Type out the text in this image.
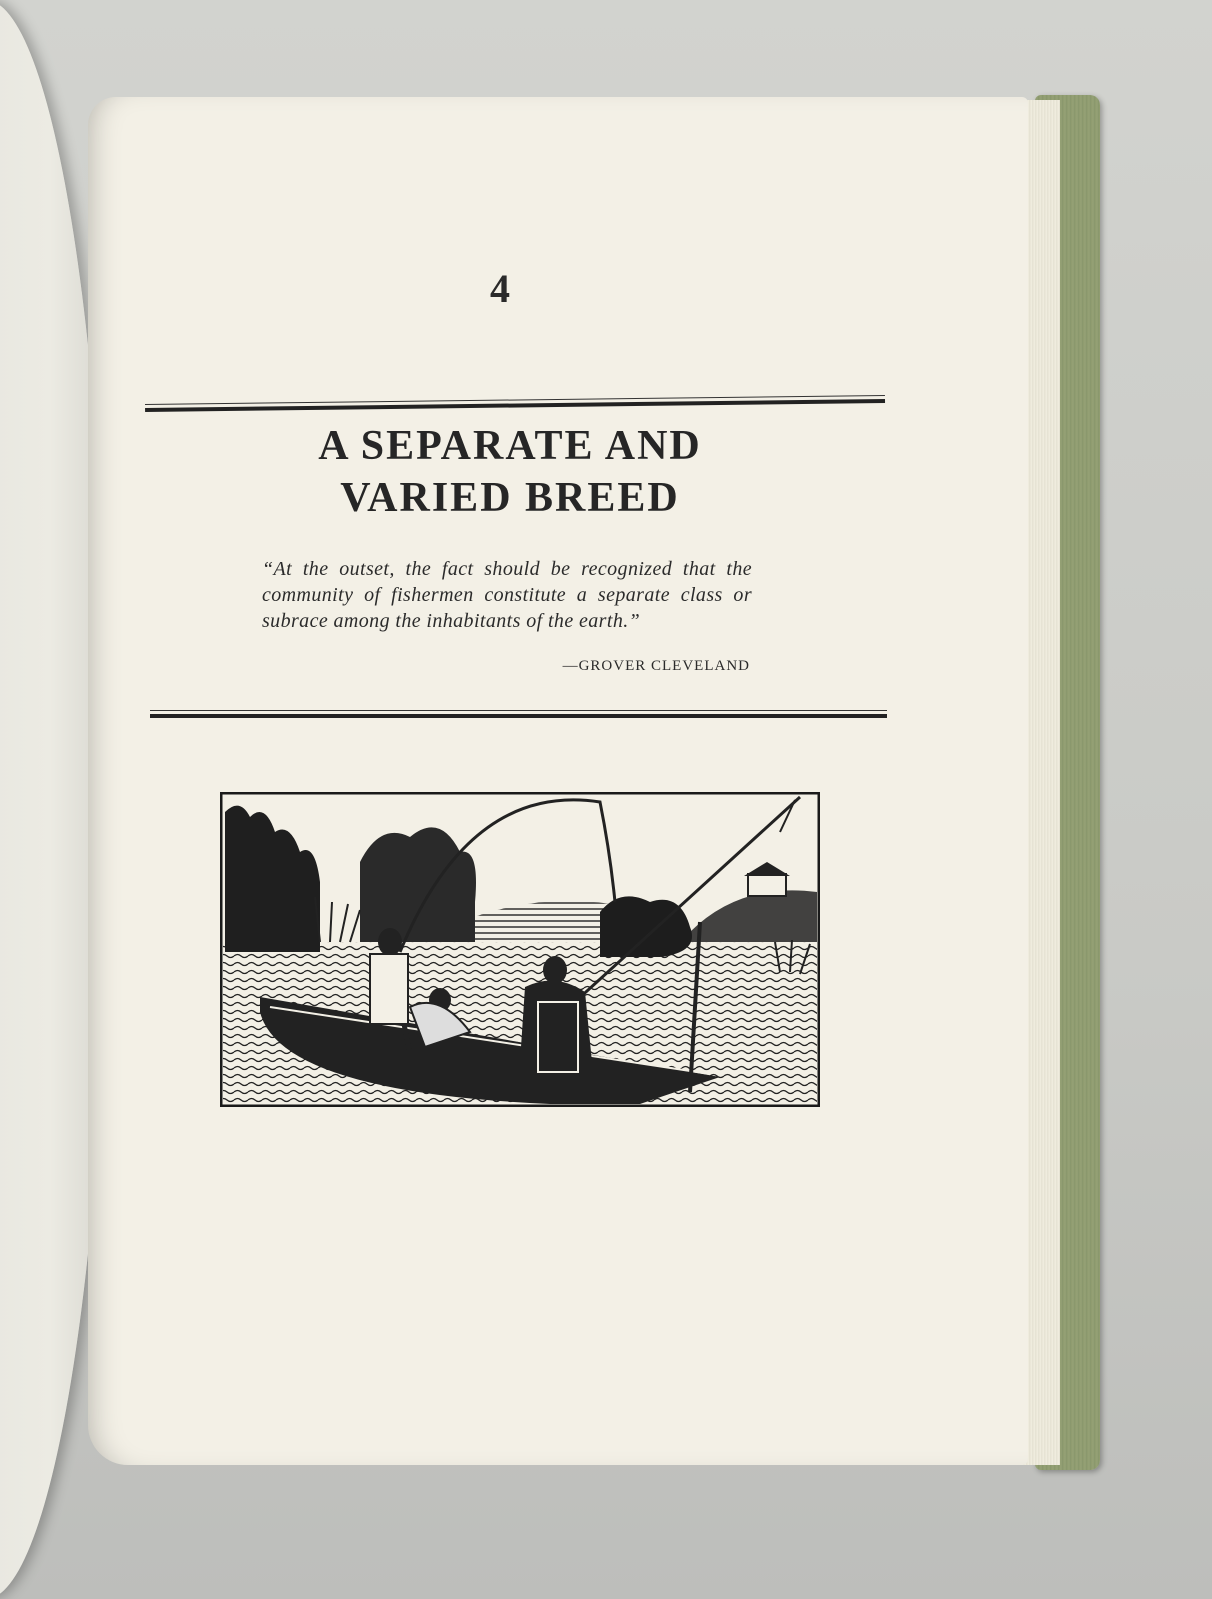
4
A SEPARATE AND
VARIED BREED
“At the outset, the fact should be recognized that the community of fishermen constitute a separate class or subrace among the inhabitants of the earth.”
—GROVER CLEVELAND
